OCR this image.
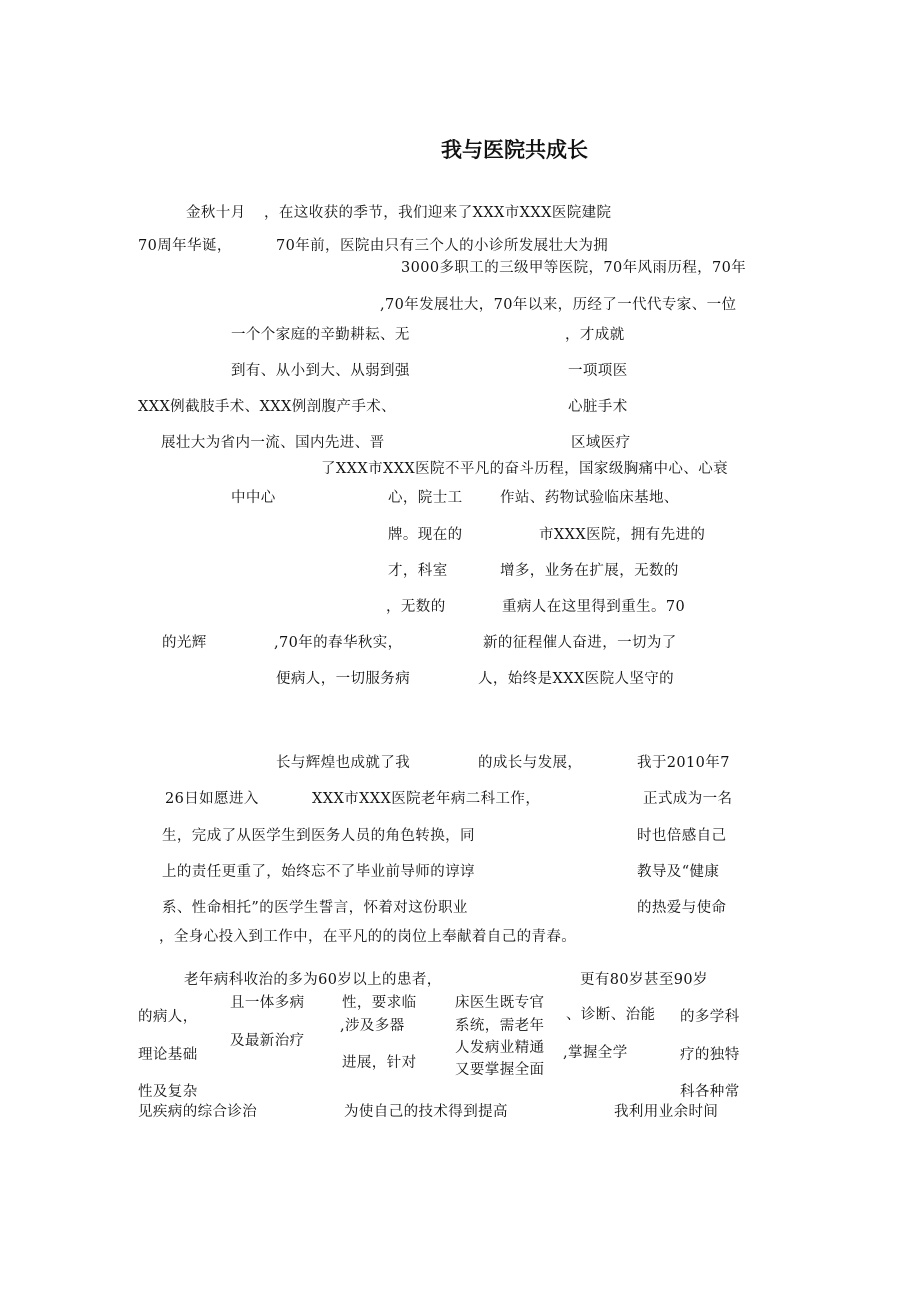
我与医院共成长
金秋十月 ，在这收获的季节，我们迎来了XXX市XXX医院建院
70周年华诞，	70年前，医院由只有三个人的小诊所发展壮大为拥
3000多职工的三级甲等医院，70年风雨历程，70年
,70年发展壮大，70年以来，历经了一代代专家、一位
一个个家庭的辛勤耕耘、无	，才成就
到有、从小到大、从弱到强	一项项医
XXX例截肢手术、XXX例剖腹产手术、	心脏手术
展壮大为省内一流、国内先进、晋	区域医疗
了XXX市XXX医院不平凡的奋斗历程，国家级胸痛中心、心衰
中中心	心，院士工	作站、药物试验临床基地、
牌。现在的	市XXX医院，拥有先进的
才，科室	增多，业务在扩展，无数的
，无数的	重病人在这里得到重生。70
的光辉	,70年的春华秋实，	新的征程催人奋进，一切为了
便病人，一切服务病	人，始终是XXX医院人坚守的
长与辉煌也成就了我	的成长与发展，	我于2010年7
26日如愿进入	XXX市XXX医院老年病二科工作，	正式成为一名
生，完成了从医学生到医务人员的角色转换，同	时也倍感自己
上的责任更重了，始终忘不了毕业前导师的谆谆	教导及“健康
系、性命相托”的医学生誓言，怀着对这份职业	的热爱与使命
，全身心投入到工作中，在平凡的的岗位上奉献着自己的青春。
老年病科收治的多为60岁以上的患者，	更有80岁甚至90岁
的病人，
且一体多病	性，要求临	床医生既专官
、诊断、治能 的多学科
,涉及多器	系统，需老年
及最新治疗
理论基础	人发病业精通 ,掌握全学	疗的独特
进展，针对	又要掌握全面
性及复杂	科各种常
见疾病的综合诊治	为使自己的技术得到提高	我利用业余时间
